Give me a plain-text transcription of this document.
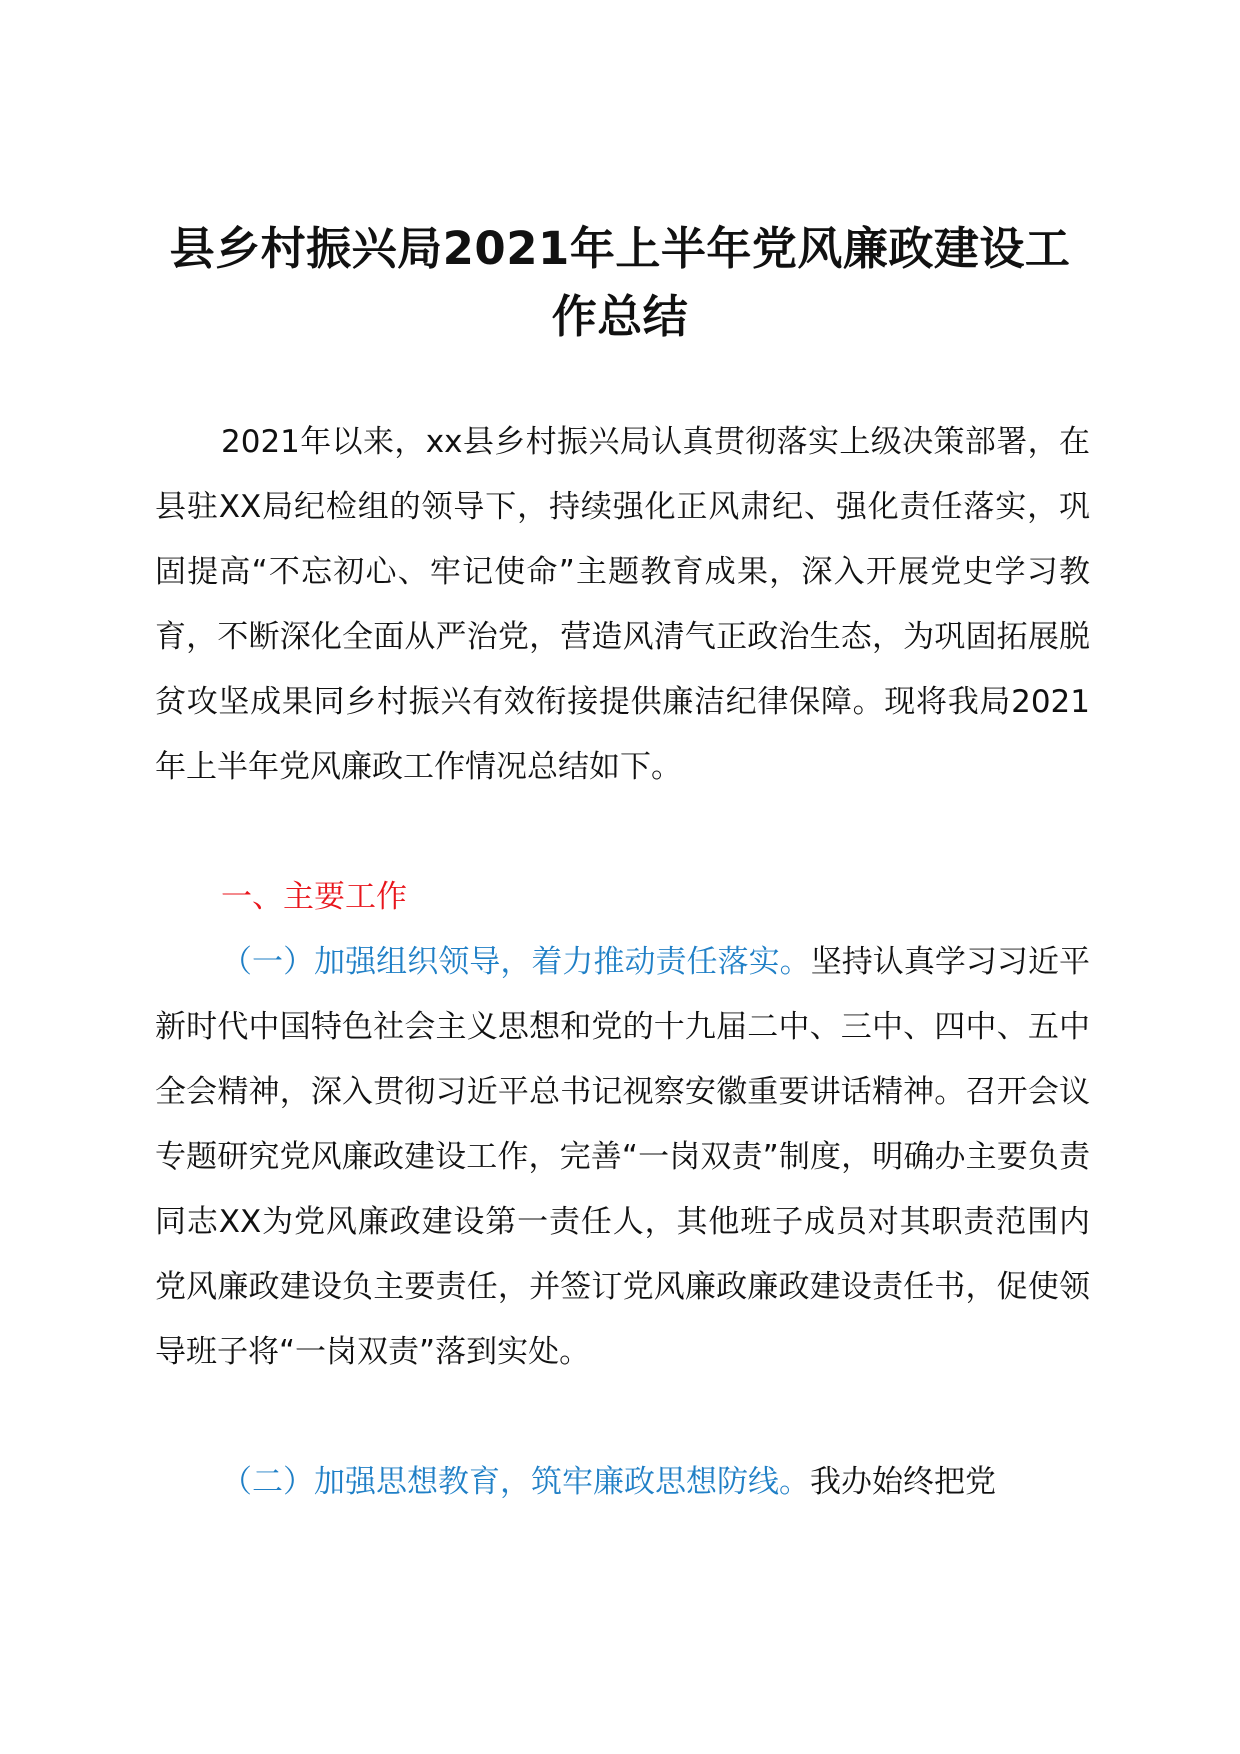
县乡村振兴局2021年上半年党风廉政建设工作总结
2021年以来，xx县乡村振兴局认真贯彻落实上级决策部署，在县驻XX局纪检组的领导下，持续强化正风肃纪、强化责任落实，巩固提高“不忘初心、牢记使命”主题教育成果，深入开展党史学习教育，不断深化全面从严治党，营造风清气正政治生态，为巩固拓展脱贫攻坚成果同乡村振兴有效衔接提供廉洁纪律保障。现将我局2021年上半年党风廉政工作情况总结如下。
一、主要工作
（一）加强组织领导，着力推动责任落实。坚持认真学习习近平新时代中国特色社会主义思想和党的十九届二中、三中、四中、五中全会精神，深入贯彻习近平总书记视察安徽重要讲话精神。召开会议专题研究党风廉政建设工作，完善“一岗双责”制度，明确办主要负责同志XX为党风廉政建设第一责任人，其他班子成员对其职责范围内党风廉政建设负主要责任，并签订党风廉政廉政建设责任书，促使领导班子将“一岗双责”落到实处。
（二）加强思想教育，筑牢廉政思想防线。我办始终把党
